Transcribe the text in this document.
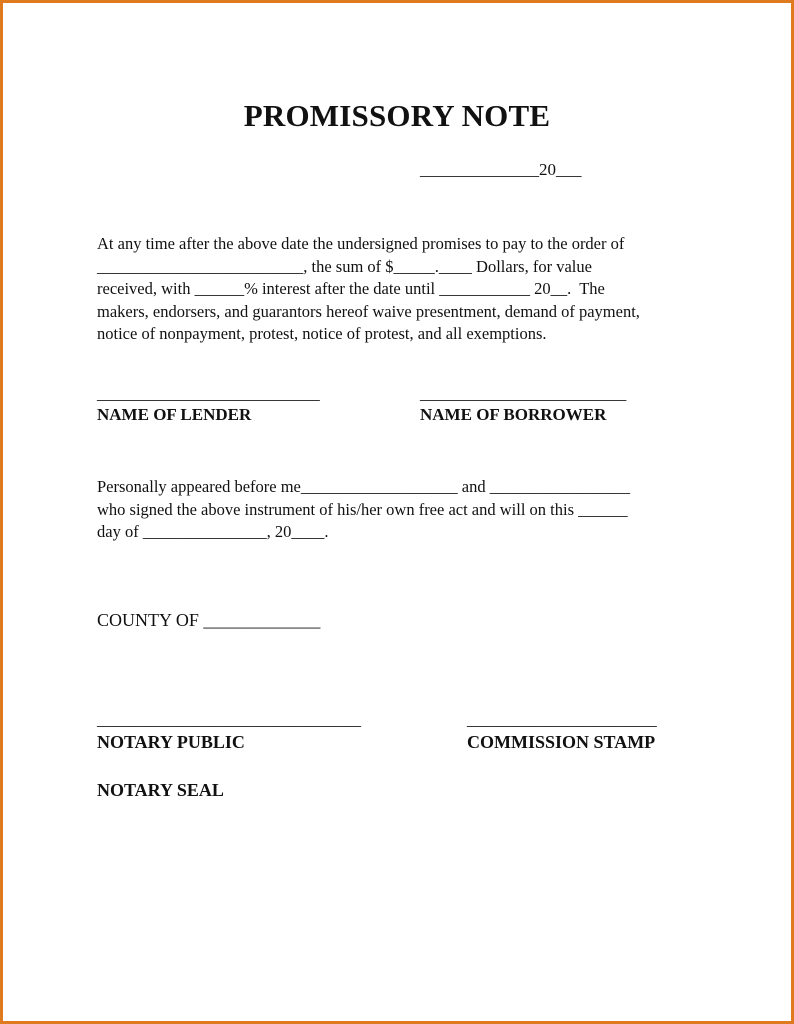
PROMISSORY NOTE
______________20___
At any time after the above date the undersigned promises to pay to the order of
_________________________, the sum of $_____.____ Dollars, for value
received, with ______% interest after the date until ___________ 20__.  The
makers, endorsers, and guarantors hereof waive presentment, demand of payment,
notice of nonpayment, protest, notice of protest, and all exemptions.
___________________________
NAME OF LENDER
_________________________
NAME OF BORROWER
Personally appeared before me___________________ and _________________
who signed the above instrument of his/her own free act and will on this ______
day of _______________, 20____.
COUNTY OF _____________
________________________________
NOTARY PUBLIC
_______________________
COMMISSION STAMP
NOTARY SEAL
